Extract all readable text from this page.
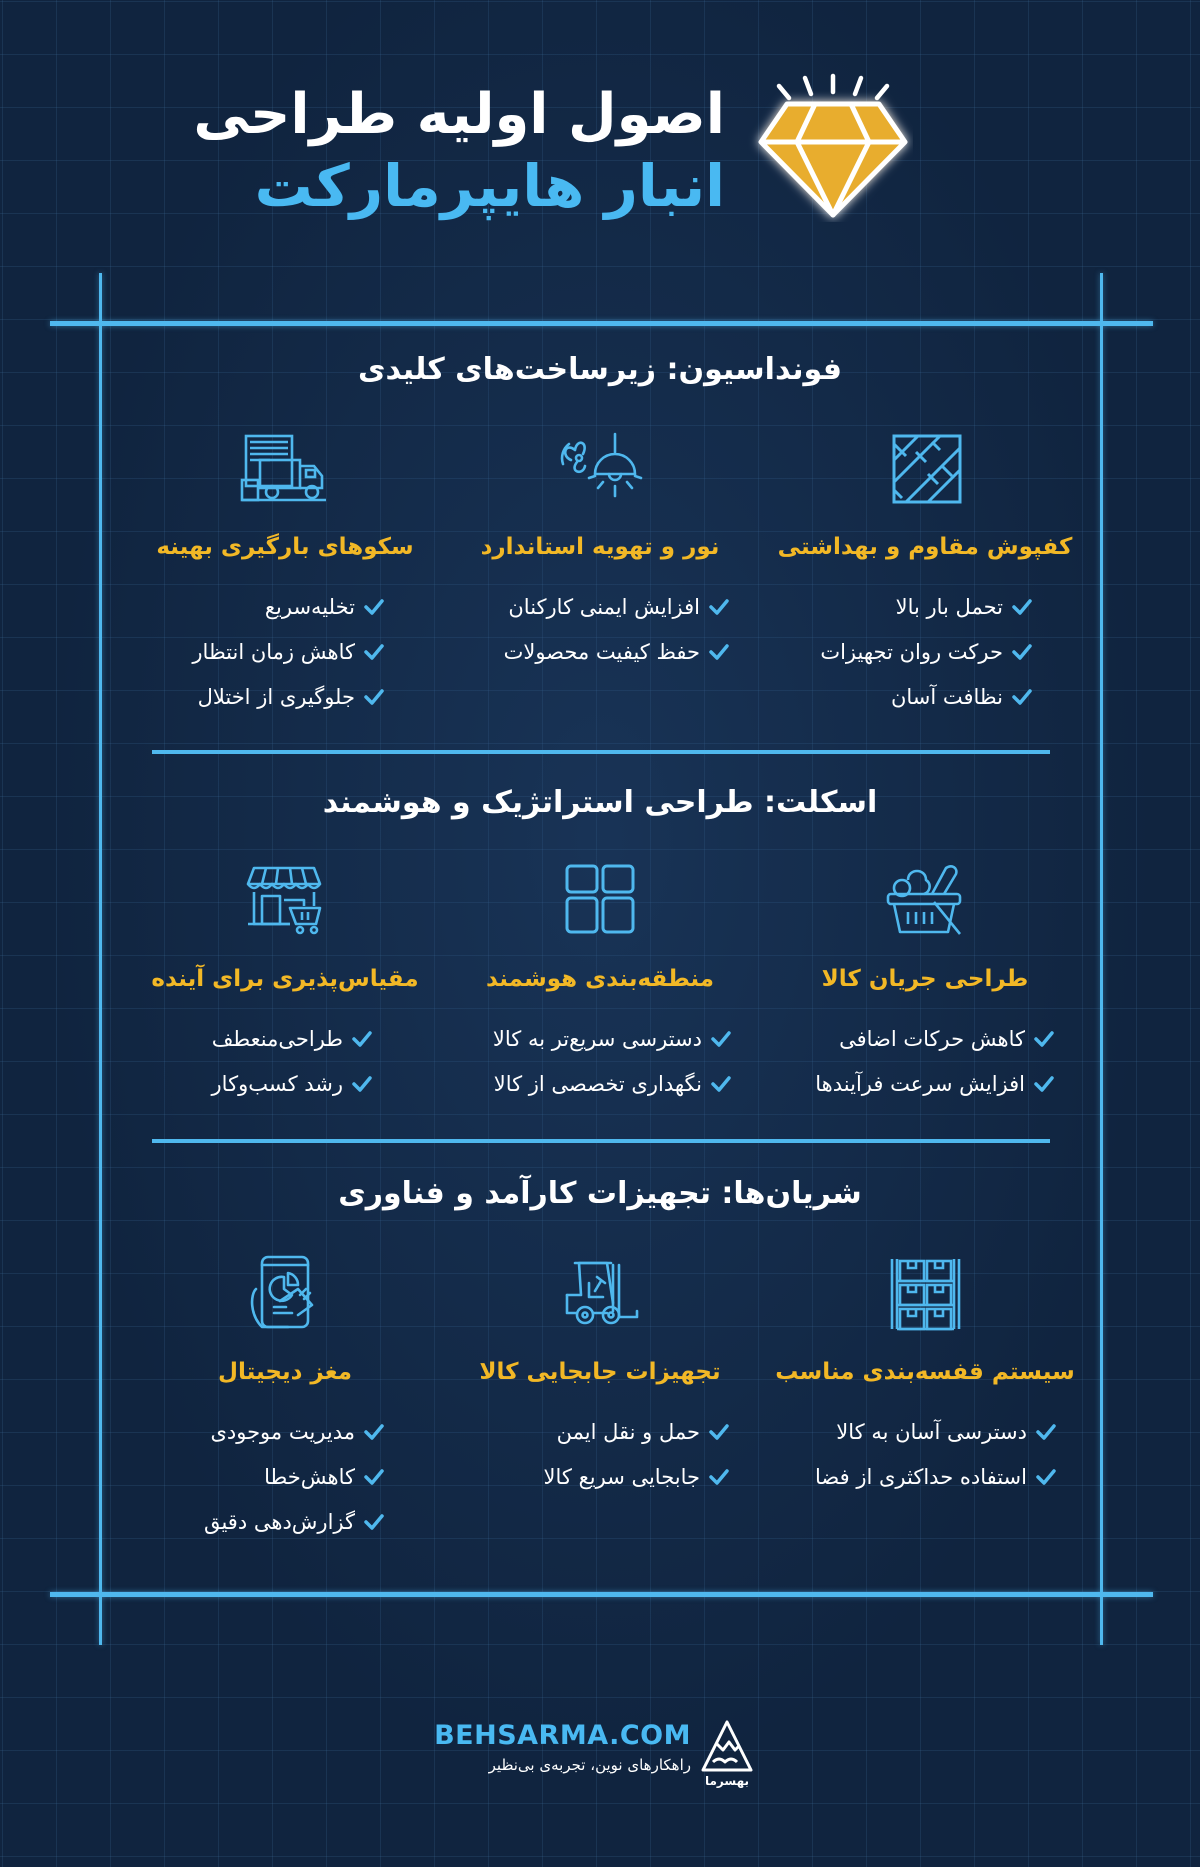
اصول اولیه طراحی
انبار هایپرمارکت
فونداسیون: زیرساخت‌های کلیدی
کفپوش مقاوم و بهداشتی
تحمل بار بالا
حرکت روان تجهیزات
نظافت آسان
نور و تهویه استاندارد
افزایش ایمنی کارکنان
حفظ کیفیت محصولات
سکوهای بارگیری بهینه
تخلیه‌سریع
کاهش زمان انتظار
جلوگیری از اختلال
اسکلت: طراحی استراتژیک و هوشمند
طراحی جریان کالا
کاهش حرکات اضافی
افزایش سرعت فرآیندها
منطقه‌بندی هوشمند
دسترسی سریع‌تر به کالا
نگهداری تخصصی از کالا
مقیاس‌پذیری برای آینده
طراحی‌منعطف
رشد کسب‌وکار
شریان‌ها: تجهیزات کارآمد و فناوری
سیستم قفسه‌بندی مناسب
دسترسی آسان به کالا
استفاده حداکثری از فضا
تجهیزات جابجایی کالا
حمل و نقل ایمن
جابجایی سریع کالا
مغز دیجیتال
مدیریت موجودی
کاهش‌خطا
گزارش‌دهی دقیق
BEHSARMA.COM
راهکارهای نوین، تجربه‌ی بی‌نظیر
بهسرما
